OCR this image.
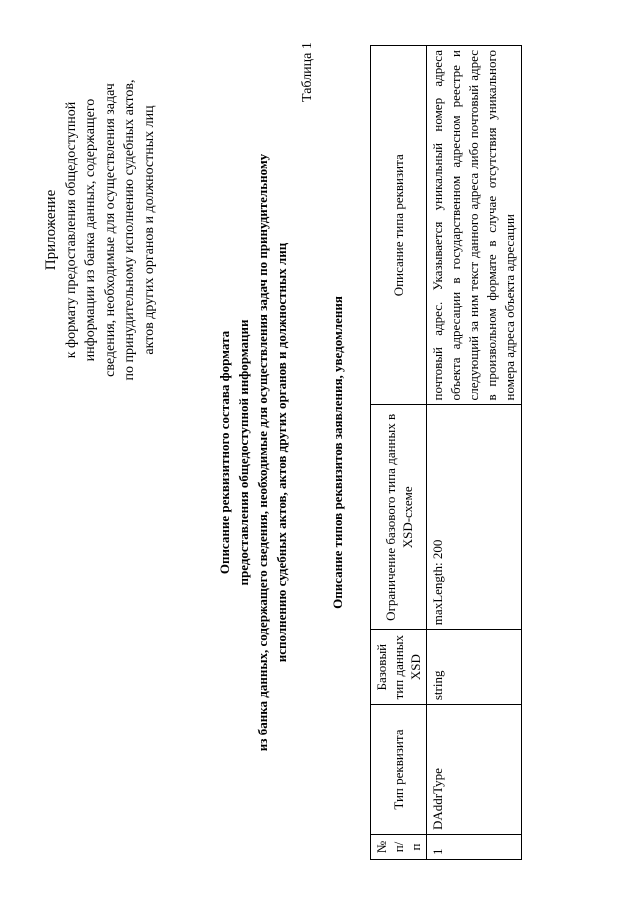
Приложение к формату предоставления общедоступной информации из банка данных, содержащего сведения, необходимые для осуществления задач по принудительному исполнению судебных актов, актов других органов и должностных лиц
Таблица 1
Описание реквизитного состава формата предоставления общедоступной информации из банка данных, содержащего сведения, необходимые для осуществления задач по принудительному исполнению судебных актов, актов других органов и должностных лиц	Описание типов реквизитов заявления, уведомления
№ п/п	Тип реквизита	Базовый тип данных XSD	Ограничение базового типа данных в XSD-схеме	Описание типа реквизита
1	DAddrType	string	maxLength: 200	почтовый адрес. Указывается уникальный номер адреса объекта адресации в государственном адресном реестре и следующий за ним текст данного адреса либо почтовый адрес в произвольном формате в случае отсутствия уникального номера адреса объекта адресации
